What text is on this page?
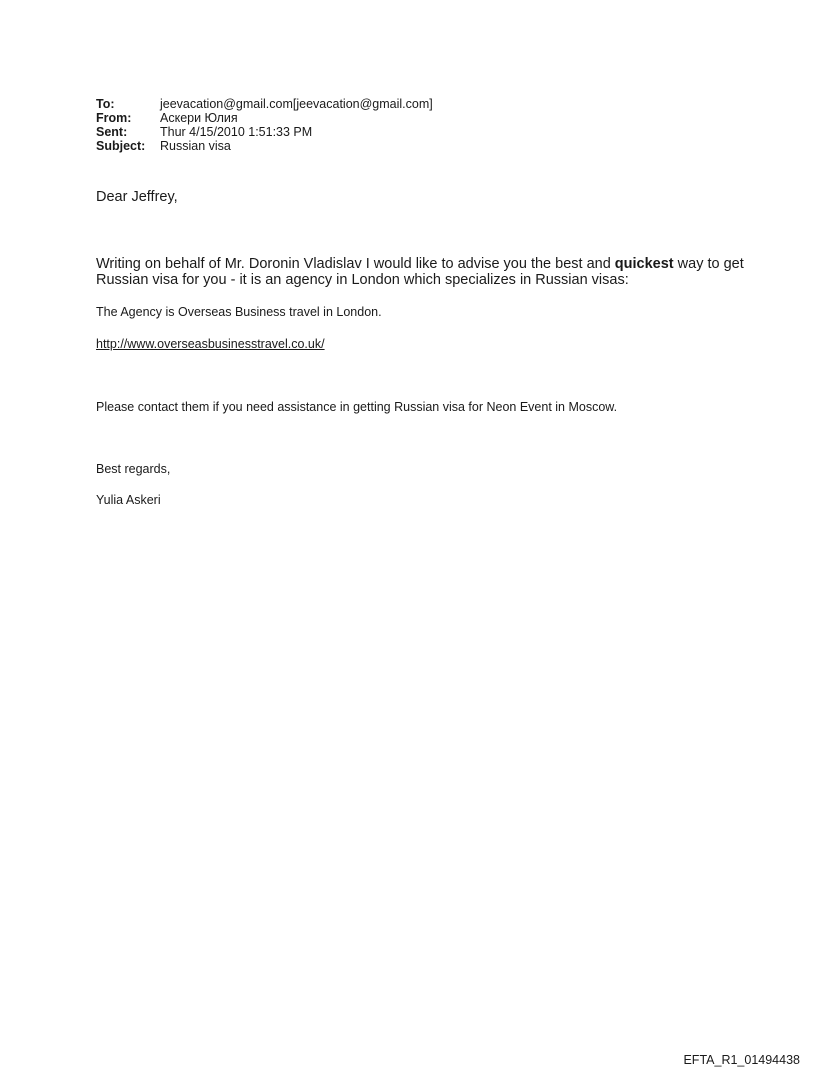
To:	jeevacation@gmail.com[jeevacation@gmail.com]
From:	Аскери Юлия
Sent:	Thur 4/15/2010 1:51:33 PM
Subject:	Russian visa
Dear Jeffrey,
Writing on behalf of Mr. Doronin Vladislav I would like to advise you the best and quickest way to get Russian visa for you - it is an agency in London which specializes in Russian visas:
The Agency is Overseas Business travel in London.
http://www.overseasbusinesstravel.co.uk/
Please contact them if you need assistance in getting Russian visa for Neon Event in Moscow.
Best regards,
Yulia Askeri
EFTA_R1_01494438
